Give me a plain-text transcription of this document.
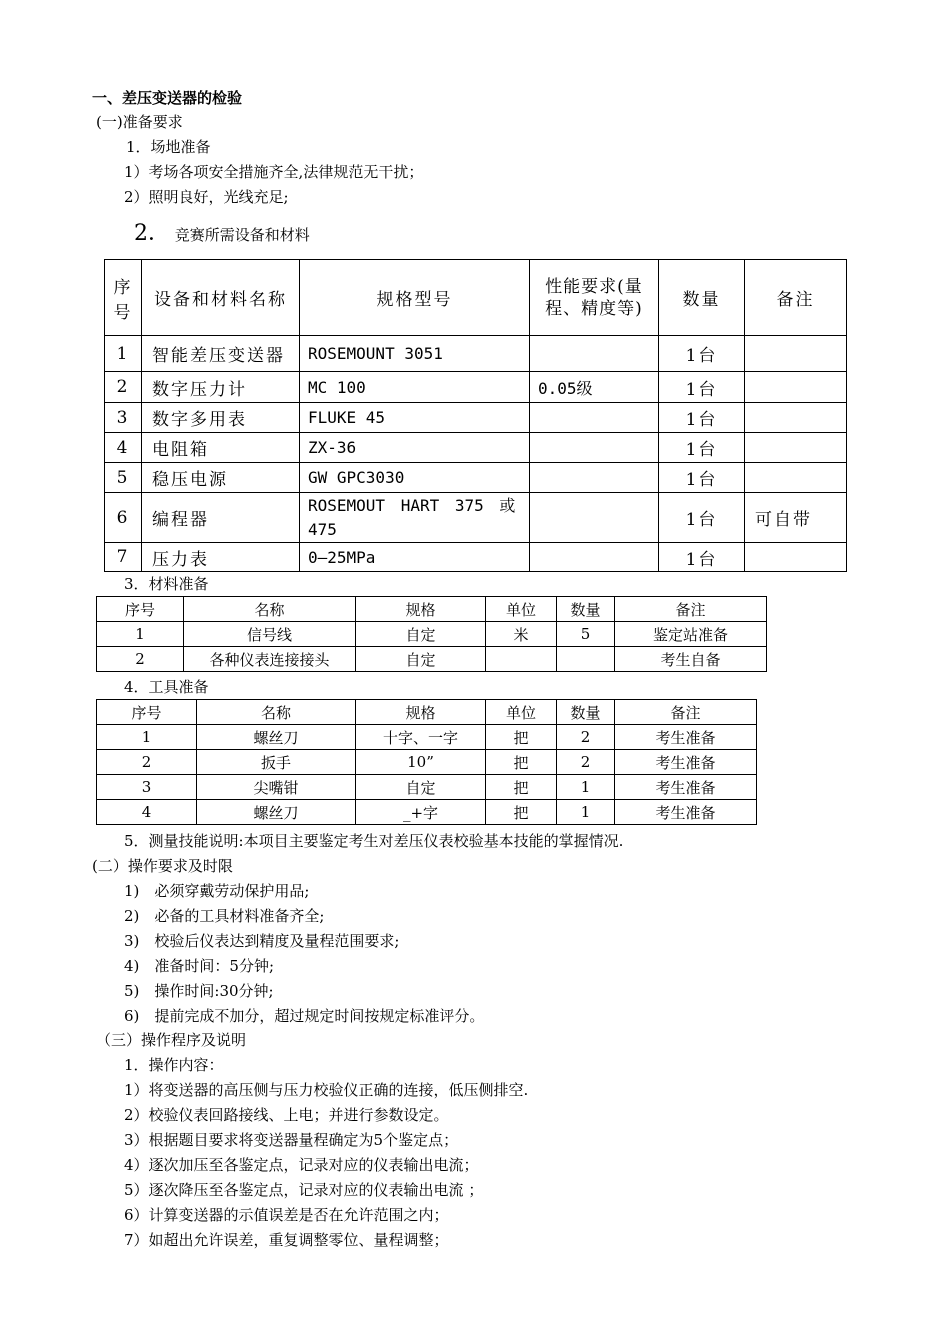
一、差压变送器的检验
(一)准备要求
1．场地准备
1）考场各项安全措施齐全,法律规范无干扰；
2）照明良好，光线充足;
2． 竞赛所需设备和材料
序号	设备和材料名称	规格型号	性能要求(量程、精度等)	数量	备注
1	智能差压变送器	ROSEMOUNT 3051		1台	
2	数字压力计	MC 100	0.05级	1台	
3	数字多用表	FLUKE 45		1台	
4	电阻箱	ZX-36		1台	
5	稳压电源	GW GPC3030		1台	
6	编程器	ROSEMOUT HART 375 或475		1台	可自带
7	压力表	0—25MPa		1台	
3．材料准备
序号	名称	规格	单位	数量	备注
1	信号线	自定	米	5	鉴定站准备
2	各种仪表连接接头	自定			考生自备
4．工具准备
序号	名称	规格	单位	数量	备注
1	螺丝刀	十字、一字	把	2	考生准备
2	扳手	10”	把	2	考生准备
3	尖嘴钳	自定	把	1	考生准备
4	螺丝刀	_+字	把	1	考生准备
5．测量技能说明:本项目主要鉴定考生对差压仪表校验基本技能的掌握情况.
(二）操作要求及时限
1)　必须穿戴劳动保护用品;
2)　必备的工具材料准备齐全;
3)　校验后仪表达到精度及量程范围要求;
4)　准备时间：5分钟;
5)　操作时间:30分钟;
6)　提前完成不加分，超过规定时间按规定标准评分。
（三）操作程序及说明
1．操作内容：
1）将变送器的高压侧与压力校验仪正确的连接，低压侧排空.
2）校验仪表回路接线、上电；并进行参数设定。
3）根据题目要求将变送器量程确定为5个鉴定点；
4）逐次加压至各鉴定点，记录对应的仪表输出电流；
5）逐次降压至各鉴定点，记录对应的仪表输出电流 ；
6）计算变送器的示值误差是否在允许范围之内；
7）如超出允许误差，重复调整零位、量程调整；
